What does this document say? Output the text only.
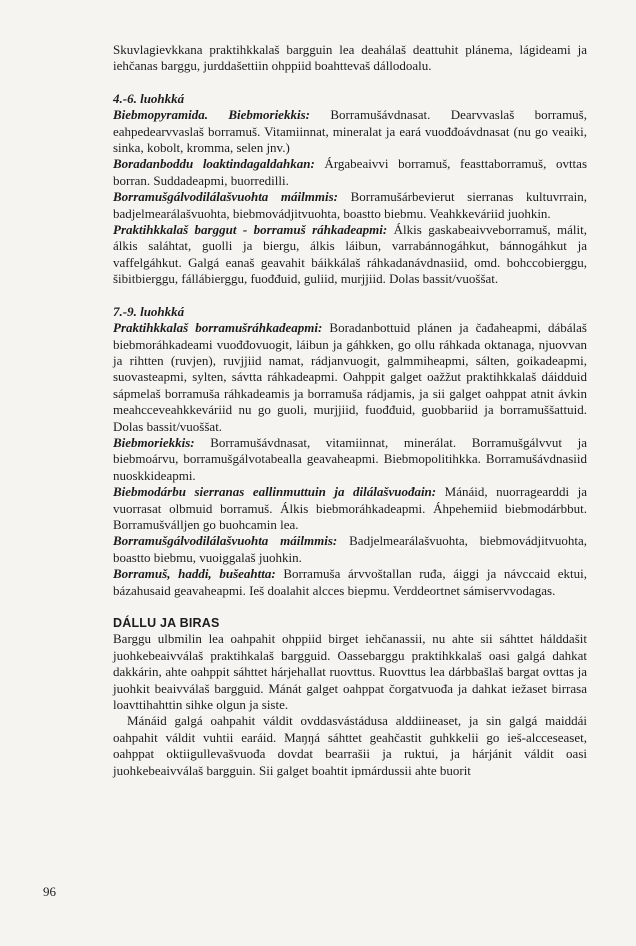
Skuvlagievkkana praktihkkalaš bargguin lea deahálaš deattuhit plánema, lágideami ja iehčanas barggu, jurddašettiin ohppiid boahttevaš dállodoalu.

4.-6. luohkká

Biebmopyramida. Biebmoriekkis: Borramušávdnasat. Dearvvaslaš borramuš, eahpedearvvaslaš borramuš. Vitamiinnat, mineralat ja eará vuođđoávdnasat (nu go veaiki, sinka, kobolt, kromma, selen jnv.)

Boradanboddu loaktindagaldahkan: Árgabeaivvi borramuš, feasttaborramuš, ovttas borran. Suddadeapmi, buorredilli.

Borramušgálvodilálašvuohta máilmmis: Borramušárbevierut sierranas kultuvrrain, badjelmearálašvuohta, biebmovádjitvuohta, boastto biebmu. Veahkkeváriid juohkin.

Praktihkkalaš barggut - borramuš ráhkadeapmi: Álkis gaskabeaivveborramuš, málit, álkis saláhtat, guolli ja biergu, álkis láibun, varrabánnogáhkut, bánnogáhkut ja vaffelgáhkut. Galgá eanaš geavahit báikkálaš ráhkadanávdnasiid, omd. bohccobierggu, šibitbierggu, fállábierggu, fuođđuid, guliid, murjjiid. Dolas bassit/vuoššat.

7.-9. luohkká

Praktihkkalaš borramušráhkadeapmi: Boradanbottuid plánen ja čađaheapmi, dábálaš biebmoráhkadeami vuođđovuogit, láibun ja gáhkken, go ollu ráhkada oktanaga, njuovvan ja rihtten (ruvjen), ruvjjiid namat, rádjanvuogit, galmmiheapmi, sálten, goikadeapmi, suovasteapmi, sylten, sávtta ráhkadeapmi. Oahppit galget oažžut praktihkkalaš dáidduid sápmelaš borramuša ráhkadeamis ja borramuša rádjamis, ja sii galget oahppat atnit ávkin meahcceveahkkeváriid nu go guoli, murjjiid, fuođđuid, guobbariid ja borramuššattuid. Dolas bassit/vuoššat.

Biebmoriekkis: Borramušávdnasat, vitamiinnat, minerálat. Borramušgálvvut ja biebmoárvu, borramušgálvotabealla geavaheapmi. Biebmopolitihkka. Borramušávdnasiid nuoskkideapmi.

Biebmodárbu sierranas eallinmuttuin ja dilálašvuođain: Mánáid, nuorragearddi ja vuorrasat olbmuid borramuš. Álkis biebmoráhkadeapmi. Áhpehemiid biebmodárbbut. Borramušválljen go buohcamin lea.

Borramušgálvodilálašvuohta máilmmis: Badjelmearálašvuohta, biebmovádjitvuohta, boastto biebmu, vuoiggalaš juohkin.

Borramuš, haddi, bušeahtta: Borramuša árvvoštallan ruđa, áiggi ja návccaid ektui, bázahusaid geavaheapmi. Ieš doalahit alcces biepmu. Verddeortnet sámiservvodagas.

DÁLLU JA BIRAS

Barggu ulbmilin lea oahpahit ohppiid birget iehčanassii, nu ahte sii sáhttet hálddašit juohkebeaivválaš praktihkalaš bargguid. Oassebarggu praktihkkalaš oasi galgá dahkat dakkárin, ahte oahppit sáhttet hárjehallat ruovttus. Ruovttus lea dárbbašlaš bargat ovttas ja juohkit beaivválaš bargguid. Mánát galget oahppat čorgatvuođa ja dahkat iežaset birrasa loavttihahttin sihke olgun ja siste.

Mánáid galgá oahpahit váldit ovddasvástádusa alddiineaset, ja sin galgá maiddái oahpahit váldit vuhtii earáid. Maŋŋá sáhttet geahčastit guhkkelii go ieš-alcceseaset, oahppat oktiigullevašvuođa dovdat bearrašii ja ruktui, ja hárjánit váldit oasi juohkebeaivválaš bargguin. Sii galget boahtit ipmárdussii ahte buorit

96
